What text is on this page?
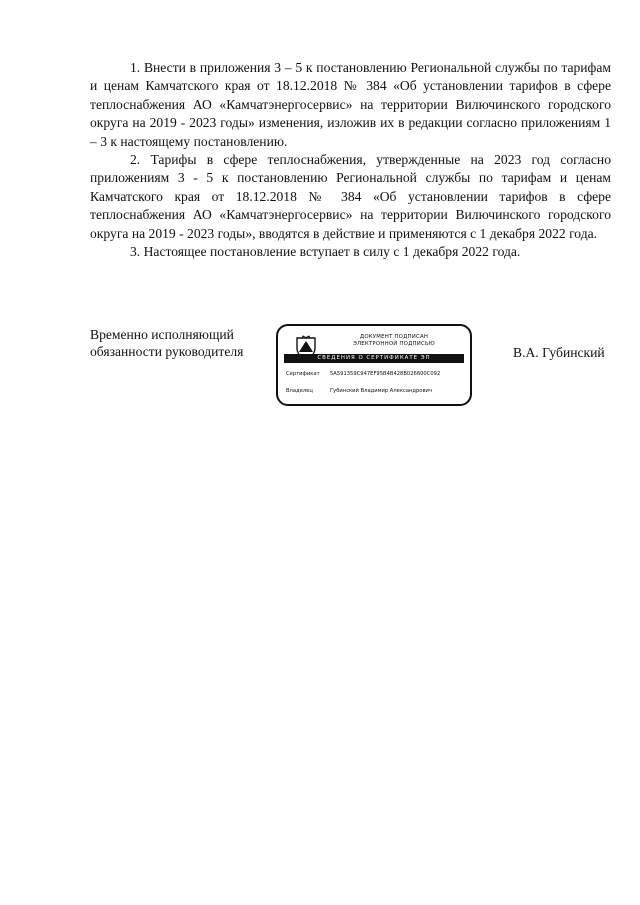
1. Внести в приложения 3 – 5 к постановлению Региональной службы по тарифам и ценам Камчатского края от 18.12.2018 № 384 «Об установлении тарифов в сфере теплоснабжения АО «Камчатэнергосервис» на территории Вилючинского городского округа на 2019 - 2023 годы» изменения, изложив их в редакции согласно приложениям 1 – 3 к настоящему постановлению.

2. Тарифы в сфере теплоснабжения, утвержденные на 2023 год согласно приложениям 3 - 5 к постановлению Региональной службы по тарифам и ценам Камчатского края от 18.12.2018 № 384 «Об установлении тарифов в сфере теплоснабжения АО «Камчатэнергосервис» на территории Вилючинского городского округа на 2019 - 2023 годы», вводятся в действие и применяются с 1 декабря 2022 года.

3. Настоящее постановление вступает в силу с 1 декабря 2022 года.

Временно исполняющий
обязанности руководителя
ДОКУМЕНТ ПОДПИСАН
ЭЛЕКТРОННОЙ ПОДПИСЬЮ
СВЕДЕНИЯ О СЕРТИФИКАТЕ ЭП
Сертификат 5A591359C947EF95B4B428B026600C092
Владелец	Губинский Владимир Александрович
В.А. Губинский
